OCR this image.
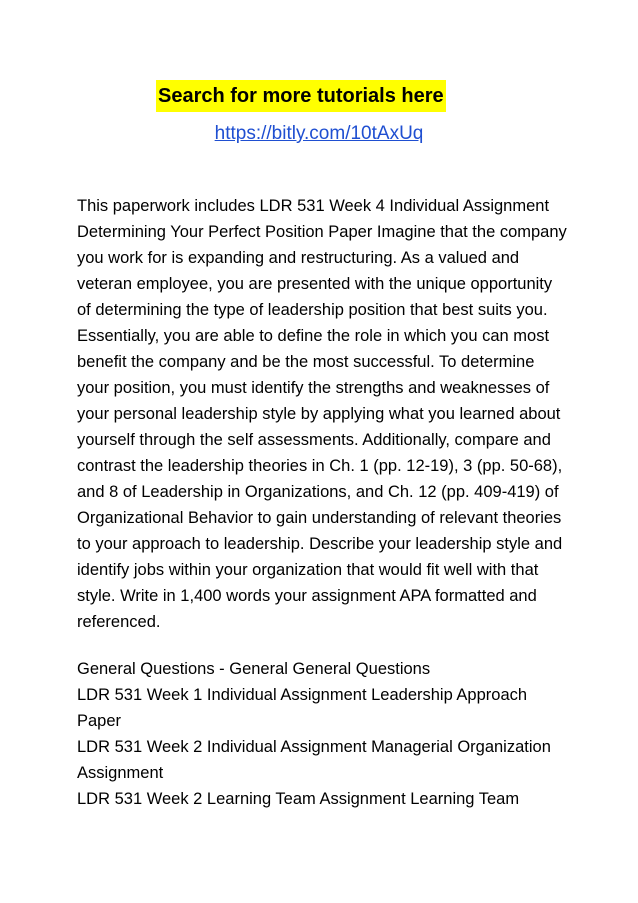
Search for more tutorials here
https://bitly.com/10tAxUq

This paperwork includes LDR 531 Week 4 Individual Assignment Determining Your Perfect Position Paper Imagine that the company you work for is expanding and restructuring. As a valued and veteran employee, you are presented with the unique opportunity of determining the type of leadership position that best suits you. Essentially, you are able to define the role in which you can most benefit the company and be the most successful. To determine your position, you must identify the strengths and weaknesses of your personal leadership style by applying what you learned about yourself through the self assessments. Additionally, compare and contrast the leadership theories in Ch. 1 (pp. 12-19), 3 (pp. 50-68), and 8 of Leadership in Organizations, and Ch. 12 (pp. 409-419) of Organizational Behavior to gain understanding of relevant theories to your approach to leadership. Describe your leadership style and identify jobs within your organization that would fit well with that style. Write in 1,400 words your assignment APA formatted and referenced.

General Questions - General General Questions

LDR 531 Week 1 Individual Assignment Leadership Approach Paper

LDR 531 Week 2 Individual Assignment Managerial Organization Assignment

LDR 531 Week 2 Learning Team Assignment Learning Team
